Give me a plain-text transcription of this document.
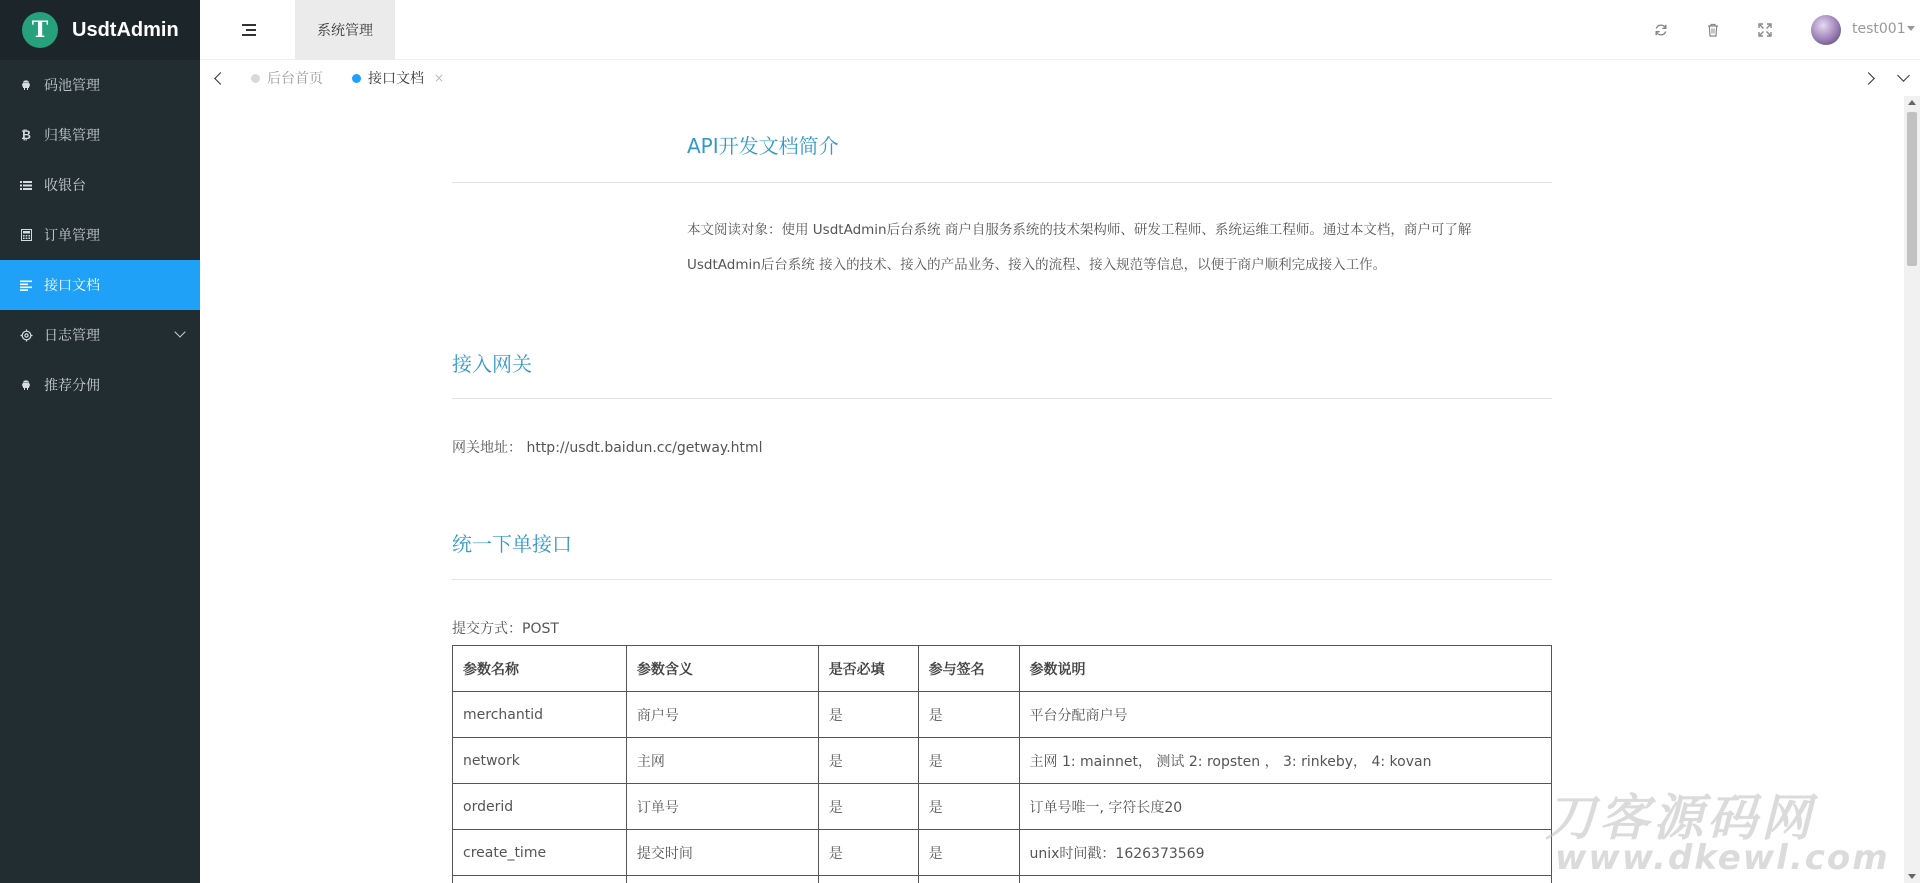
T	UsdtAdmin
码池管理
₿ 归集管理
收银台
订单管理
接口文档
日志管理
推荐分佣
系统管理	test001
后台首页	接口文档 ×
API开发文档简介
本文阅读对象：使用 UsdtAdmin后台系统 商户自服务系统的技术架构师、研发工程师、系统运维工程师。通过本文档，商户可了解
UsdtAdmin后台系统 接入的技术、接入的产品业务、接入的流程、接入规范等信息，以便于商户顺利完成接入工作。
接入网关
网关地址： http://usdt.baidun.cc/getway.html
统一下单接口
提交方式：POST
参数名称	参数含义	是否必填	参与签名	参数说明
merchantid	商户号	是	是	平台分配商户号
network	主网	是	是	主网 1: mainnet， 测试 2: ropsten ， 3: rinkeby， 4: kovan
orderid	订单号	是	是	订单号唯一, 字符长度20
create_time	提交时间	是	是	unix时间戳：1626373569

刀客源码网
www.dkewl.com
